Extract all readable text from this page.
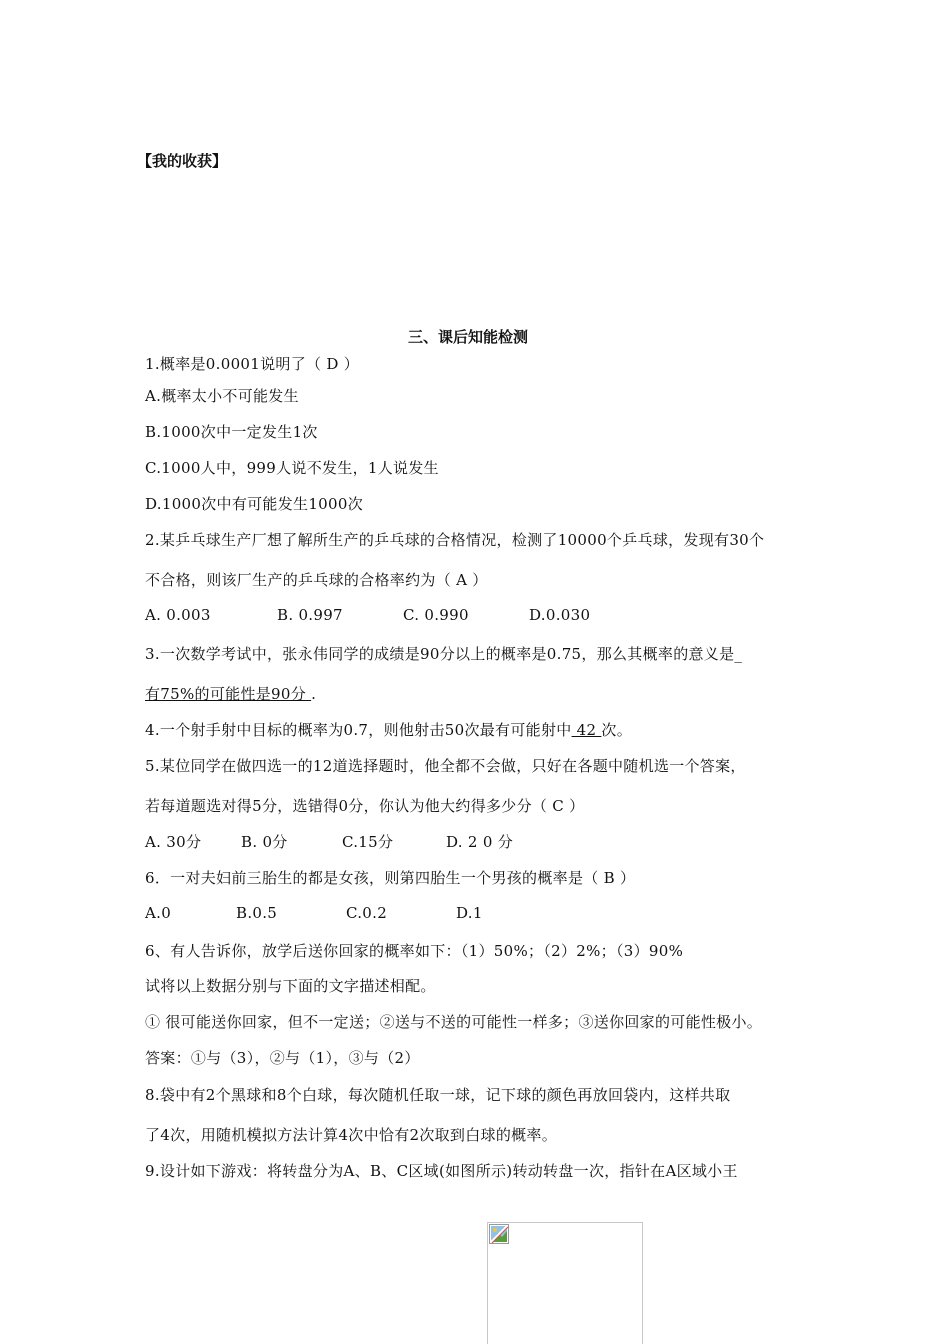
【我的收获】
三、课后知能检测
1.概率是0.0001说明了（ D ）
A.概率太小不可能发生
B.1000次中一定发生1次
C.1000人中，999人说不发生，1人说发生
D.1000次中有可能发生1000次
2.某乒乓球生产厂想了解所生产的乒乓球的合格情况，检测了10000个乒乓球，发现有30个
不合格，则该厂生产的乒乓球的合格率约为（ A ）
A. 0.003	B. 0.997	C. 0.990	D.0.030
3.一次数学考试中，张永伟同学的成绩是90分以上的概率是0.75，那么其概率的意义是_
有75%的可能性是90分 .
4.一个射手射中目标的概率为0.7，则他射击50次最有可能射中 42 次。
5.某位同学在做四选一的12道选择题时，他全都不会做，只好在各题中随机选一个答案，
若每道题选对得5分，选错得0分，你认为他大约得多少分（ C ）
A. 30分	B. 0分	C.15分	D. 2 0 分
6．一对夫妇前三胎生的都是女孩，则第四胎生一个男孩的概率是（ B ）
A.0	B.0.5	C.0.2	D.1
6、有人告诉你，放学后送你回家的概率如下：（1）50%；（2）2%；（3）90%
试将以上数据分别与下面的文字描述相配。
① 很可能送你回家，但不一定送；②送与不送的可能性一样多；③送你回家的可能性极小。
答案：①与（3），②与（1），③与（2）
8.袋中有2个黑球和8个白球，每次随机任取一球，记下球的颜色再放回袋内，这样共取
了4次，用随机模拟方法计算4次中恰有2次取到白球的概率。
9.设计如下游戏：将转盘分为A、B、C区域(如图所示)转动转盘一次，指针在A区域小王
